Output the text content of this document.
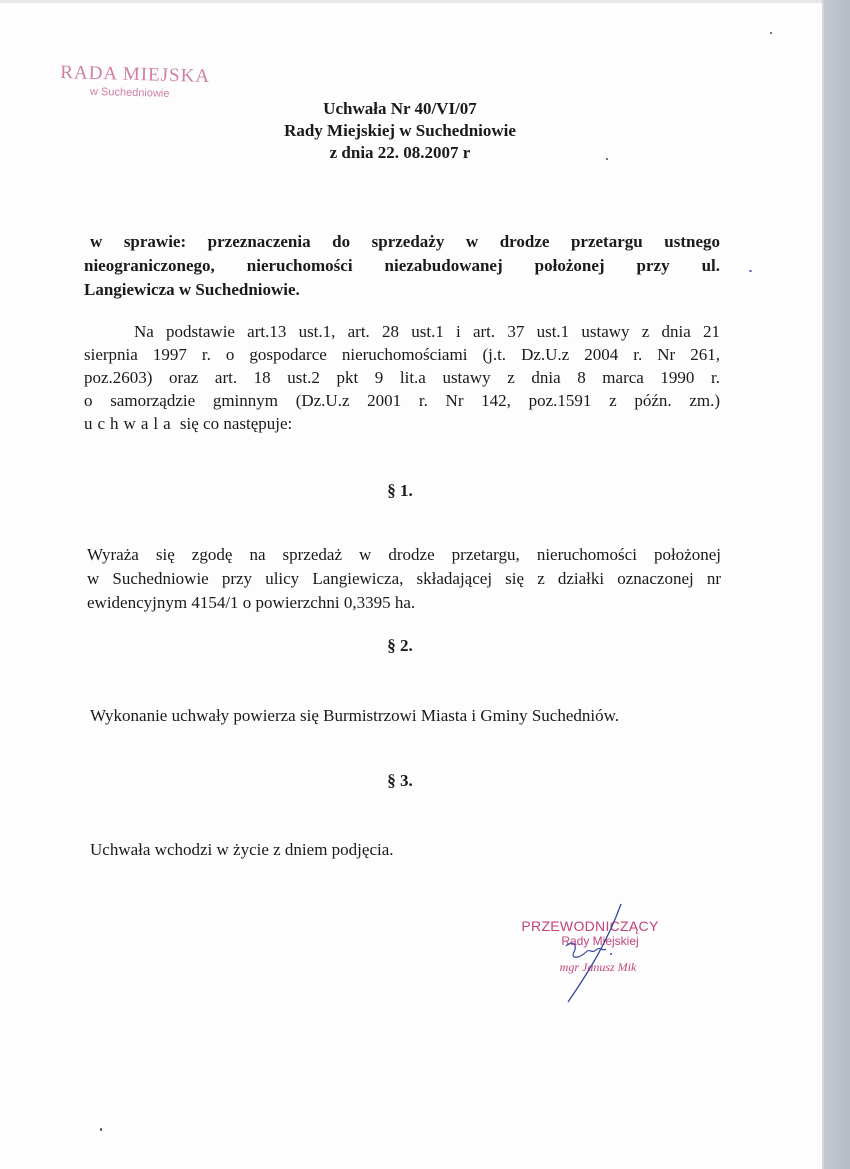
RADA MIEJSKA
w Suchedniowie
Uchwała Nr 40/VI/07
Rady Miejskiej w Suchedniowie
z dnia 22. 08.2007 r
w sprawie: przeznaczenia do sprzedaży w drodze przetargu ustnego
nieograniczonego, nieruchomości niezabudowanej położonej przy ul.
Langiewicza w Suchedniowie.
Na podstawie art.13 ust.1, art. 28 ust.1 i art. 37 ust.1 ustawy z dnia 21
sierpnia 1997 r. o gospodarce nieruchomościami (j.t. Dz.U.z 2004 r. Nr 261,
poz.2603) oraz art. 18 ust.2 pkt 9 lit.a ustawy z dnia 8 marca 1990 r.
o samorządzie gminnym (Dz.U.z 2001 r. Nr 142, poz.1591 z późn. zm.)
uchwala się co następuje:
§ 1.
Wyraża się zgodę na sprzedaż w drodze przetargu, nieruchomości położonej
w Suchedniowie przy ulicy Langiewicza, składającej się z działki oznaczonej nr
ewidencyjnym 4154/1 o powierzchni 0,3395 ha.
§ 2.
Wykonanie uchwały powierza się Burmistrzowi Miasta i Gminy Suchedniów.
§ 3.
Uchwała wchodzi w życie z dniem podjęcia.
PRZEWODNICZĄCY
Rady Miejskiej
mgr Janusz Mik
